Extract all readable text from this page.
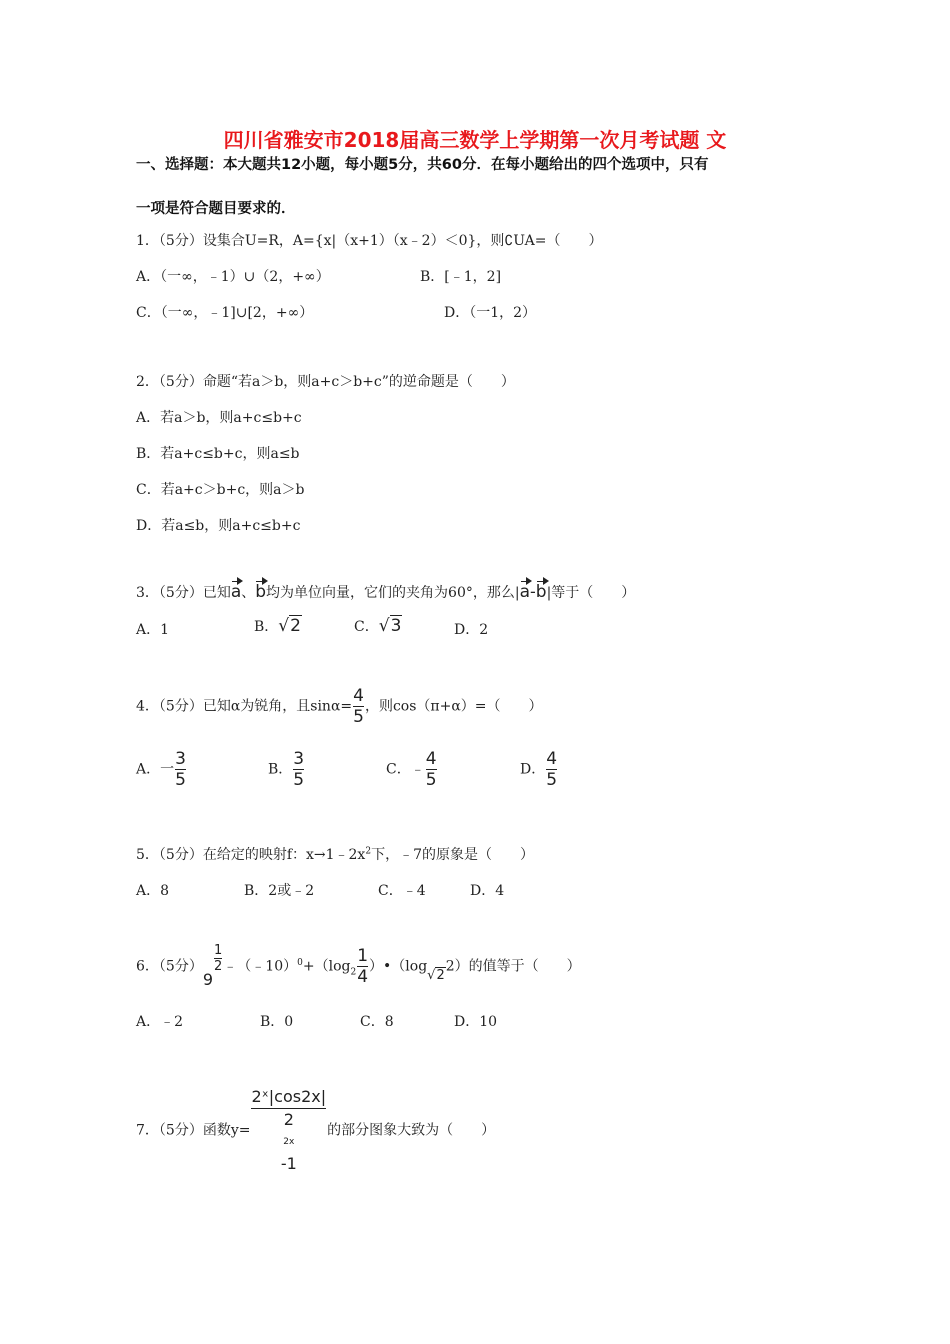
四川省雅安市2018届高三数学上学期第一次月考试题 文
一、选择题：本大题共12小题，每小题5分，共60分．在每小题给出的四个选项中，只有
一项是符合题目要求的．
1．（5分）设集合U=R，A={x|（x+1）（x﹣2）＜0}，则∁UA=（　　）
A．（一∞，﹣1）∪（2，+∞）	B．[﹣1，2]
C．（一∞，﹣1]∪[2，+∞）	D．（一1，2）
2．（5分）命题“若a＞b，则a+c＞b+c”的逆命题是（　　）
A．若a＞b，则a+c≤b+c
B．若a+c≤b+c，则a≤b
C．若a+c＞b+c，则a＞b
D．若a≤b，则a+c≤b+c
3．（5分）已知a、b均为单位向量，它们的夹角为60°，那么|a-b|等于（　　）
A．1	B．√2	C．√3	D．2
4．（5分）已知α为锐角，且$\sin\alpha= \frac{4}{5}$ ，则cos（π+α）=（　　）
A．一 $\frac{3}{5}$	B． $\frac{3}{5}$	C．﹣ $\frac{4}{5}$	D． $\frac{4}{5}$
5．（5分）在给定的映射f：$x\to 1﹣2x^2$下，﹣7的原象是（　　）
A．8	B．2或﹣2	C．﹣4	D．4
6．（5分）9
$\frac{1}{2}$ $﹣(﹣10)^0+(\log_2 \frac{1}{4}$ ）•（log√22）的值等于（　　）
A．﹣2	B．0	C．8	D．10
7．（5分）函数y= 2ˣ|cos2x|
2
2x
-1 的部分图象大致为（　　）
